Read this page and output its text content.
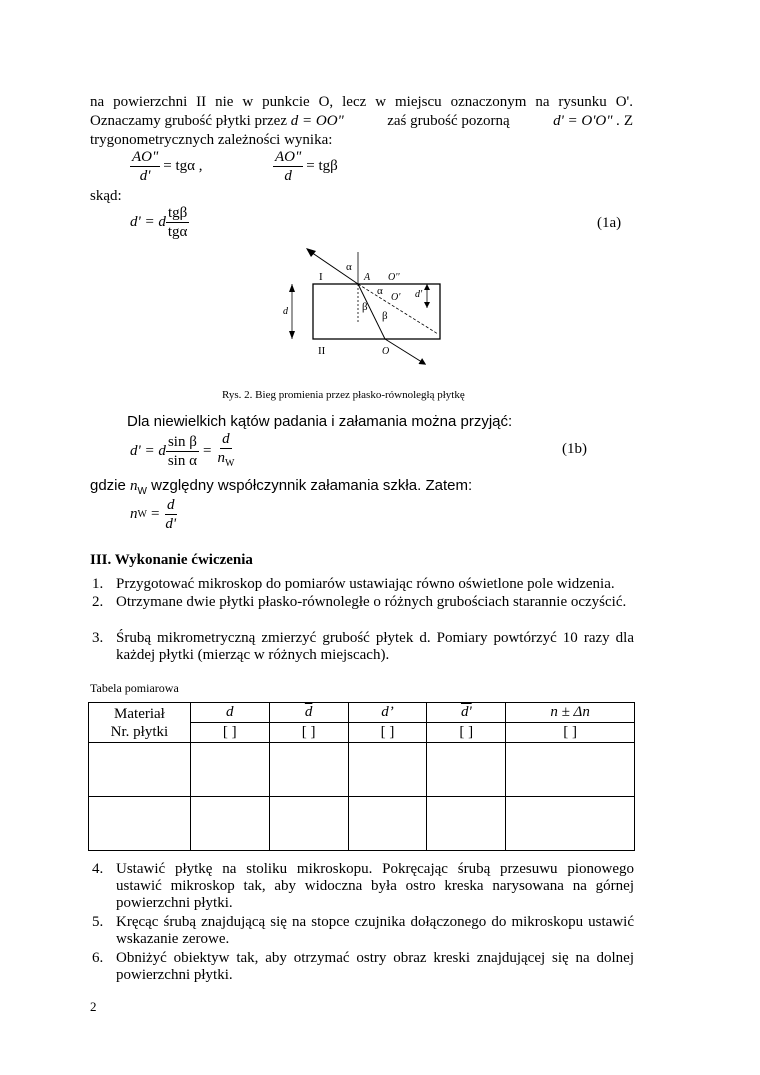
na powierzchni II nie w punkcie O, lecz w miejscu oznaczonym na rysunku O'.
Oznaczamy grubość płytki przez d = OO"	zaś grubość pozorną	d' = O'O" . Z
trygonometrycznych zależności wynika:
$\frac{AO"}{d'} = tg\alpha$ ,	$\frac{AO"}{d} = tg\beta$
skąd:
d' = d $\frac{\text{tgβ}}{\text{tgα}}$	(1a)
I
II
A O''
O'
O
d
d'
α
α
β
β
Rys. 2. Bieg promienia przez płasko-równoległą płytkę
Dla niewielkich kątów padania i załamania można przyjąć:
d' = d $\frac{\text{sin β}}{\text{sin α}} = \frac{d}{n_W}$	(1b)
gdzie $n_W$ względny współczynnik załamania szkła. Zatem:
n $W = \frac{d}{d'}$
III. Wykonanie ćwiczenia
1. Przygotować mikroskop do pomiarów ustawiając równo oświetlone pole widzenia.
2. Otrzymane dwie płytki płasko-równoległe o różnych grubościach starannie oczyścić.
3. Śrubą mikrometryczną zmierzyć grubość płytek d. Pomiary powtórzyć 10 razy dla każdej płytki (mierząc w różnych miejscach).
Tabela pomiarowa
Materiał
Nr. płytki	d	$\overline{d}$	d’	d'	n ± Δn
	[ ]	[ ]	[ ]	[ ]	[ ]

4. Ustawić płytkę na stoliku mikroskopu. Pokręcając śrubą przesuwu pionowego ustawić mikroskop tak, aby widoczna była ostro kreska narysowana na górnej powierzchni płytki.
5. Kręcąc śrubą znajdującą się na stopce czujnika dołączonego do mikroskopu ustawić wskazanie zerowe.
6. Obniżyć obiektyw tak, aby otrzymać ostry obraz kreski znajdującej się na dolnej powierzchni płytki.
2
